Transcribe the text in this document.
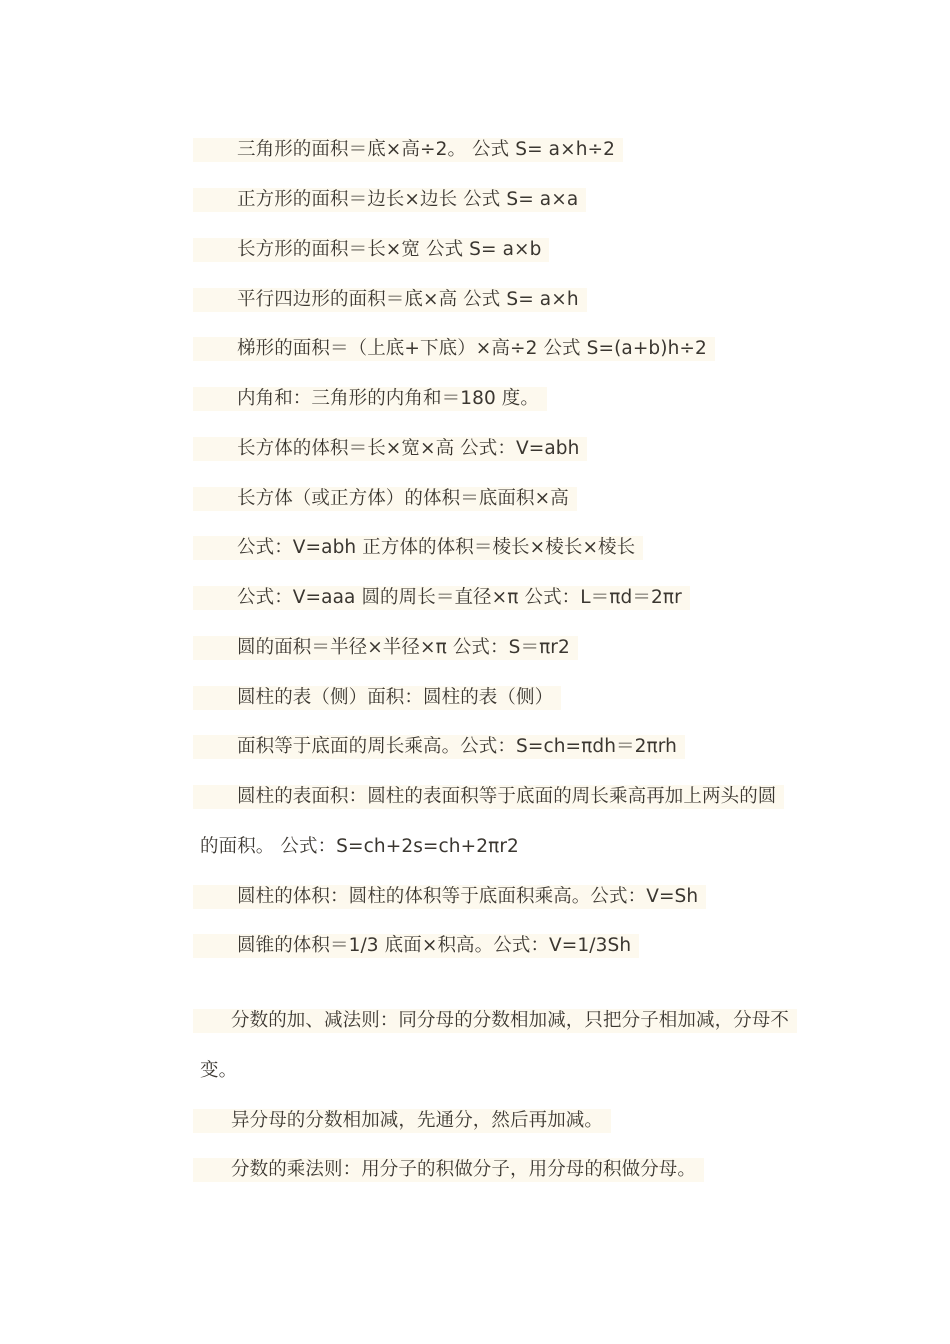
三角形的面积＝底×高÷2。 公式 S= a×h÷2
正方形的面积＝边长×边长 公式 S= a×a
长方形的面积＝长×宽 公式 S= a×b
平行四边形的面积＝底×高 公式 S= a×h
梯形的面积＝（上底+下底）×高÷2 公式 S=(a+b)h÷2
内角和：三角形的内角和＝180 度。
长方体的体积＝长×宽×高 公式：V=abh
长方体（或正方体）的体积＝底面积×高
公式：V=abh 正方体的体积＝棱长×棱长×棱长
公式：V=aaa 圆的周长＝直径×π 公式：L＝πd＝2πr
圆的面积＝半径×半径×π 公式：S＝πr2
圆柱的表（侧）面积：圆柱的表（侧）
面积等于底面的周长乘高。公式：S=ch=πdh＝2πrh
圆柱的表面积：圆柱的表面积等于底面的周长乘高再加上两头的圆
的面积。 公式：S=ch+2s=ch+2πr2
圆柱的体积：圆柱的体积等于底面积乘高。公式：V=Sh
圆锥的体积＝1/3 底面×积高。公式：V=1/3Sh
分数的加、减法则：同分母的分数相加减，只把分子相加减，分母不
变。
异分母的分数相加减，先通分，然后再加减。
分数的乘法则：用分子的积做分子，用分母的积做分母。
